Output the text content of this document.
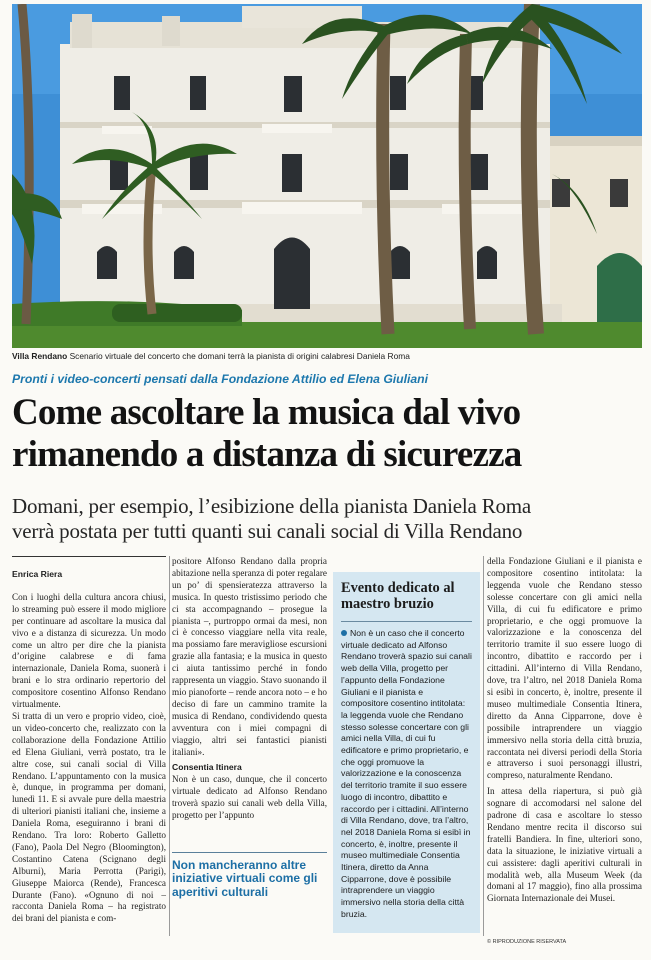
Villa Rendano Scenario virtuale del concerto che domani terrà la pianista di origini calabresi Daniela Roma
Pronti i video-concerti pensati dalla Fondazione Attilio ed Elena Giuliani
Come ascoltare la musica dal vivo
rimanendo a distanza di sicurezza
Domani, per esempio, l’esibizione della pianista Daniela Roma
verrà postata per tutti quanti sui canali social di Villa Rendano
Enrica Riera

Con i luoghi della cultura ancora chiusi, lo streaming può essere il modo migliore per continuare ad ascoltare la musica dal vivo e a distanza di sicurezza. Un modo come un altro per dire che la pianista d’origine calabrese e di fama internazionale, Daniela Roma, suonerà i brani e lo stra ordinario repertorio del compositore cosentino Alfonso Rendano virtualmente.

Si tratta di un vero e proprio video, cioè, un video-concerto che, realizzato con la collaborazione della Fondazione Attilio ed Elena Giuliani, verrà postato, tra le altre cose, sui canali social di Villa Rendano. L’appuntamento con la musica è, dunque, in programma per domani, lunedì 11. E si avvale pure della maestria di ulteriori pianisti italiani che, insieme a Daniela Roma, eseguiranno i brani di Rendano. Tra loro: Roberto Galletto (Fano), Paola Del Negro (Bloomington), Costantino Catena (Scignano degli Alburni), Maria Perrotta (Parigi), Giuseppe Maiorca (Rende), Francesca Durante (Fano). «Ognuno di noi – racconta Daniela Roma – ha registrato dei brani del pianista e com-

positore Alfonso Rendano dalla propria abitazione nella speranza di poter regalare un po’ di spensieratezza attraverso la musica. In questo tristissimo periodo che ci sta accompagnando – prosegue la pianista –, purtroppo ormai da mesi, non ci è concesso viaggiare nella vita reale, ma possiamo fare meravigliose escursioni grazie alla fantasia; e la musica in questo ci aiuta tantissimo perché in fondo rappresenta un viaggio. Stavo suonando il mio pianoforte – rende ancora noto – e ho deciso di fare un cammino tramite la musica di Rendano, condividendo questa avventura con i miei compagni di viaggio, altri sei fantastici pianisti italiani».

Consentia Itinera

Non è un caso, dunque, che il concerto virtuale dedicato ad Alfonso Rendano troverà spazio sui canali web della Villa, progetto per l’appunto

Non mancheranno altre iniziative virtuali come gli aperitivi culturali
Evento dedicato al maestro bruzio
Non è un caso che il concerto virtuale dedicato ad Alfonso Rendano troverà spazio sui canali web della Villa, progetto per l’appunto della Fondazione Giuliani e il pianista e compositore cosentino intitolata: la leggenda vuole che Rendano stesso solesse concertare con gli amici nella Villa, di cui fu edificatore e primo proprietario, e che oggi promuove la valorizzazione e la conoscenza del territorio tramite il suo essere luogo di incontro, dibattito e raccordo per i cittadini. All’interno di Villa Rendano, dove, tra l’altro, nel 2018 Daniela Roma si esibì in concerto, è, inoltre, presente il museo multimediale Consentia Itinera, diretto da Anna Cipparrone, dove è possibile intraprendere un viaggio immersivo nella storia della città bruzia.

della Fondazione Giuliani e il pianista e compositore cosentino intitolata: la leggenda vuole che Rendano stesso solesse concertare con gli amici nella Villa, di cui fu edificatore e primo proprietario, e che oggi promuove la valorizzazione e la conoscenza del territorio tramite il suo essere luogo di incontro, dibattito e raccordo per i cittadini. All’interno di Villa Rendano, dove, tra l’altro, nel 2018 Daniela Roma si esibì in concerto, è, inoltre, presente il museo multimediale Consentia Itinera, diretto da Anna Cipparrone, dove è possibile intraprendere un viaggio immersivo nella storia della città bruzia, raccontata nei diversi periodi della Storia e attraverso i suoi personaggi illustri, compreso, naturalmente Rendano.

In attesa della riapertura, si può già sognare di accomodarsi nel salone del padrone di casa e ascoltare lo stesso Rendano mentre recita il discorso sui fratelli Bandiera. In fine, ulteriori sono, data la situazione, le iniziative virtuali a cui assistere: dagli aperitivi culturali in modalità web, alla Museum Week (da domani al 17 maggio), fino alla prossima Giornata Internazionale dei Musei.

© RIPRODUZIONE RISERVATA
